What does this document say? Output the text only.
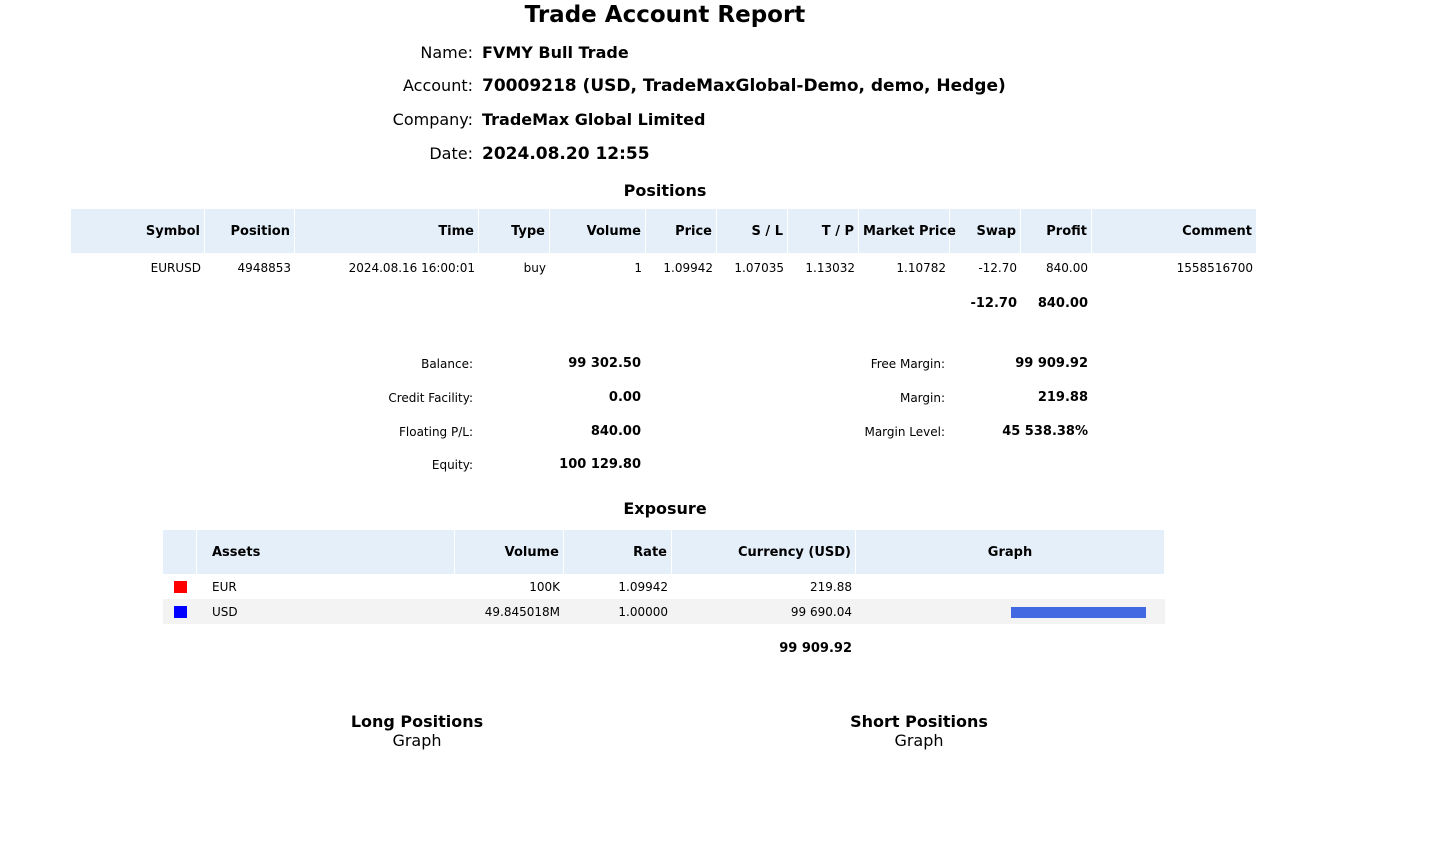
Trade Account Report
Name: FVMY Bull Trade
Account: 70009218 (USD, TradeMaxGlobal-Demo, demo, Hedge)
Company: TradeMax Global Limited
Date: 2024.08.20 12:55
Positions
Symbol	Position	Time	Type	Volume	Price	S / L	T / P	Market Price	Swap	Profit	Comment
EURUSD	4948853	2024.08.16 16:00:01	buy	1	1.09942	1.07035	1.13032	1.10782	-12.70	840.00	1558516700
									-12.70	840.00	
Balance:	99 302.50
Credit Facility:	0.00
Floating P/L:	840.00
Equity:	100 129.80
Free Margin:	99 909.92
Margin:	219.88
Margin Level:	45 538.38%
Exposure
	Assets	Volume	Rate	Currency (USD)	Graph
	EUR	100K	1.09942	219.88	
	USD	49.845018M	1.00000	99 690.04	
				99 909.92	
Long Positions
Graph
Short Positions
Graph
